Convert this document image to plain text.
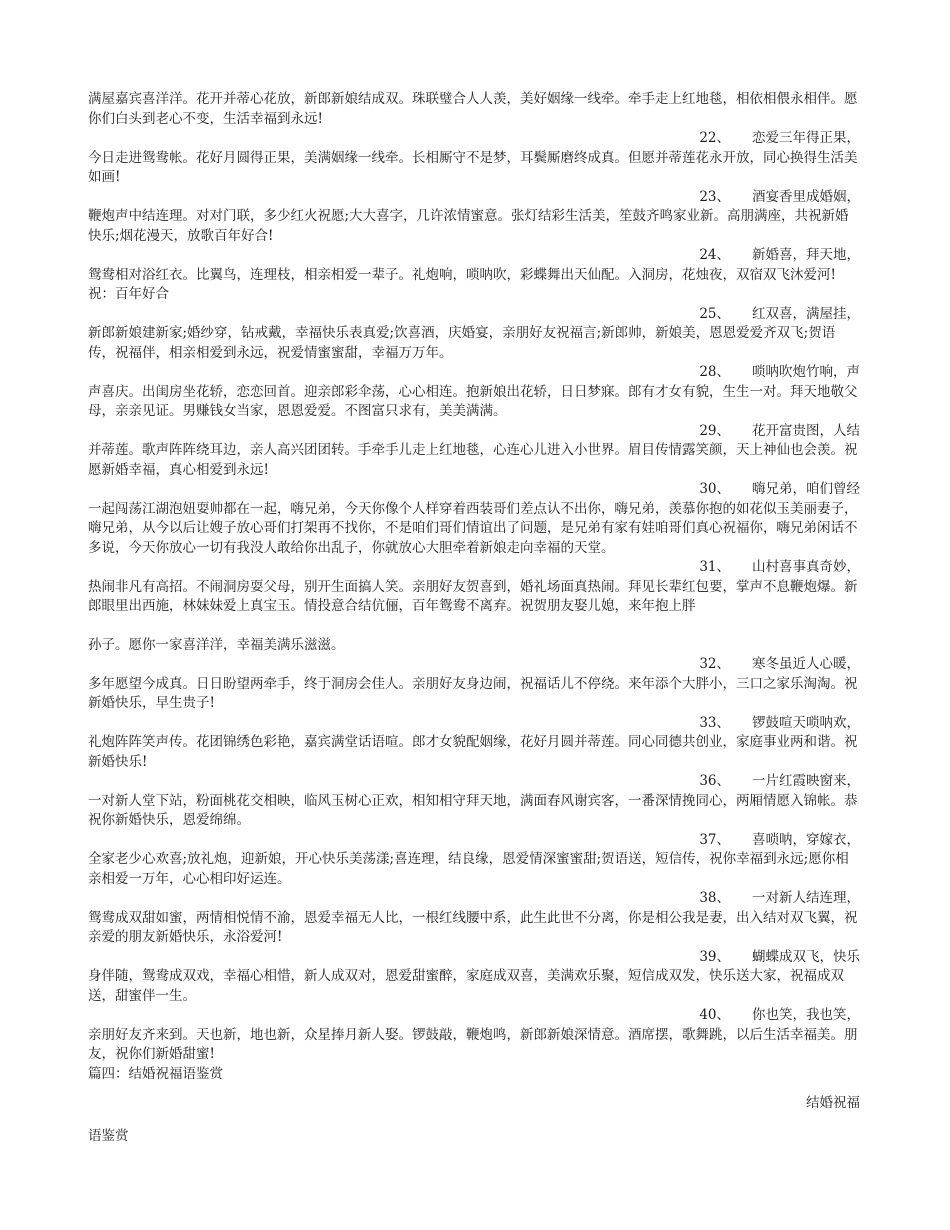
满屋嘉宾喜洋洋。花开并蒂心花放，新郎新娘结成双。珠联璧合人人羡，美好姻缘一线牵。牵手走上红地毯，相依相偎永相伴。愿你们白头到老心不变，生活幸福到永远!

22、 恋爱三年得正果，

今日走进鸳鸯帐。花好月圆得正果，美满姻缘一线牵。长相厮守不是梦，耳鬓厮磨终成真。但愿并蒂莲花永开放，同心换得生活美如画!

23、 酒宴香里成婚姻，

鞭炮声中结连理。对对门联，多少红火祝愿;大大喜字，几许浓情蜜意。张灯结彩生活美，笙鼓齐鸣家业新。高朋满座，共祝新婚快乐;烟花漫天，放歌百年好合!

24、 新婚喜，拜天地，

鸳鸯相对浴红衣。比翼鸟，连理枝，相亲相爱一辈子。礼炮响，唢呐吹，彩蝶舞出天仙配。入洞房，花烛夜，双宿双飞沐爱河!祝：百年好合

25、 红双喜，满屋挂，

新郎新娘建新家;婚纱穿，钻戒戴，幸福快乐表真爱;饮喜酒，庆婚宴，亲朋好友祝福言;新郎帅，新娘美，恩恩爱爱齐双飞;贺语传，祝福伴，相亲相爱到永远，祝爱情蜜蜜甜，幸福万万年。

28、 唢呐吹炮竹响，声

声喜庆。出闺房坐花轿，恋恋回首。迎亲郎彩伞荡，心心相连。抱新娘出花轿，日日梦寐。郎有才女有貌，生生一对。拜天地敬父母，亲亲见证。男赚钱女当家，恩恩爱爱。不图富只求有，美美满满。

29、 花开富贵图，人结

并蒂莲。歌声阵阵绕耳边，亲人高兴团团转。手牵手儿走上红地毯，心连心儿进入小世界。眉目传情露笑颜，天上神仙也会羡。祝愿新婚幸福，真心相爱到永远!

30、 嗨兄弟，咱们曾经

一起闯荡江湖泡妞耍帅都在一起，嗨兄弟，今天你像个人样穿着西装哥们差点认不出你，嗨兄弟，羡慕你抱的如花似玉美丽妻子，嗨兄弟，从今以后让嫂子放心哥们打架再不找你，不是咱们哥们情谊出了问题，是兄弟有家有娃咱哥们真心祝福你，嗨兄弟闲话不多说，今天你放心一切有我没人敢给你出乱子，你就放心大胆牵着新娘走向幸福的天堂。

31、 山村喜事真奇妙，

热闹非凡有高招。不闹洞房耍父母，别开生面搞人笑。亲朋好友贺喜到，婚礼场面真热闹。拜见长辈红包要，掌声不息鞭炮爆。新郎眼里出西施，林妹妹爱上真宝玉。情投意合结伉俪，百年鸳鸯不离弃。祝贺朋友娶儿媳，来年抱上胖

孙子。愿你一家喜洋洋，幸福美满乐滋滋。

32、 寒冬虽近人心暖，

多年愿望今成真。日日盼望两牵手，终于洞房会佳人。亲朋好友身边闹，祝福话儿不停绕。来年添个大胖小，三口之家乐淘淘。祝新婚快乐，早生贵子!

33、 锣鼓喧天唢呐欢，

礼炮阵阵笑声传。花团锦绣色彩艳，嘉宾满堂话语喧。郎才女貌配姻缘，花好月圆并蒂莲。同心同德共创业，家庭事业两和谐。祝新婚快乐!

36、 一片红霞映窗来，

一对新人堂下站，粉面桃花交相映，临风玉树心正欢，相知相守拜天地，满面春风谢宾客，一番深情挽同心，两厢情愿入锦帐。恭祝你新婚快乐，恩爱绵绵。

37、 喜唢呐，穿嫁衣，

全家老少心欢喜;放礼炮，迎新娘，开心快乐美荡漾;喜连理，结良缘，恩爱情深蜜蜜甜;贺语送，短信传，祝你幸福到永远;愿你相亲相爱一万年，心心相印好运连。

38、 一对新人结连理，

鸳鸯成双甜如蜜，两情相悦情不渝，恩爱幸福无人比，一根红线腰中系，此生此世不分离，你是相公我是妻，出入结对双飞翼，祝亲爱的朋友新婚快乐，永浴爱河!

39、 蝴蝶成双飞，快乐

身伴随，鸳鸯成双戏，幸福心相惜，新人成双对，恩爱甜蜜醉，家庭成双喜，美满欢乐聚，短信成双发，快乐送大家，祝福成双送，甜蜜伴一生。

40、 你也笑，我也笑，

亲朋好友齐来到。天也新，地也新，众星捧月新人娶。锣鼓敲，鞭炮鸣，新郎新娘深情意。酒席摆，歌舞跳，以后生活幸福美。朋友，祝你们新婚甜蜜!

篇四：结婚祝福语鉴赏

结婚祝福

语鉴赏
